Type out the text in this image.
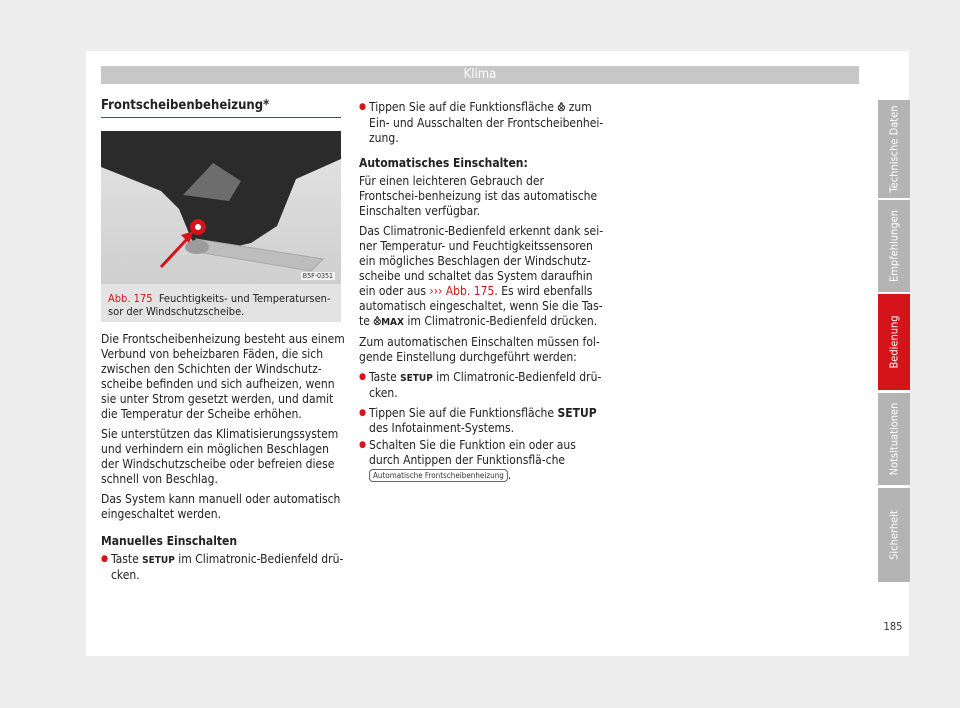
Klima
Frontscheibenbeheizung*
B5F-0351
Abb. 175 Feuchtigkeits- und Temperatursen-sor der Windschutzscheibe.

Die Frontscheibenheizung besteht aus einem Verbund von beheizbaren Fäden, die sich zwischen den Schichten der Windschutz-scheibe befinden und sich aufheizen, wenn sie unter Strom gesetzt werden, und damit die Temperatur der Scheibe erhöhen.

Sie unterstützen das Klimatisierungssystem und verhindern ein möglichen Beschlagen der Windschutzscheibe oder befreien diese schnell von Beschlag.

Das System kann manuell oder automatisch eingeschaltet werden.

Manuelles Einschalten

● Taste SETUP im Climatronic-Bedienfeld drü-cken.

● Tippen Sie auf die Funktionsfläche ⨶ zum Ein- und Ausschalten der Frontscheibenhei-zung.

Automatisches Einschalten:

Für einen leichteren Gebrauch der Frontschei-benheizung ist das automatische Einschalten verfügbar.

Das Climatronic-Bedienfeld erkennt dank sei-ner Temperatur- und Feuchtigkeitssensoren ein mögliches Beschlagen der Windschutz-scheibe und schaltet das System daraufhin ein oder aus ››› Abb. 175. Es wird ebenfalls automatisch eingeschaltet, wenn Sie die Tas-te ⨶MAX im Climatronic-Bedienfeld drücken.

Zum automatischen Einschalten müssen fol-gende Einstellung durchgeführt werden:

● Taste SETUP im Climatronic-Bedienfeld drü-cken.

● Tippen Sie auf die Funktionsfläche SETUP des Infotainment-Systems.

● Schalten Sie die Funktion ein oder aus durch Antippen der Funktionsflä-che Automatische Frontscheibenheizung .

Technische Daten
Empfehlungen
Bedienung
Notsituationen
Sicherheit
185
